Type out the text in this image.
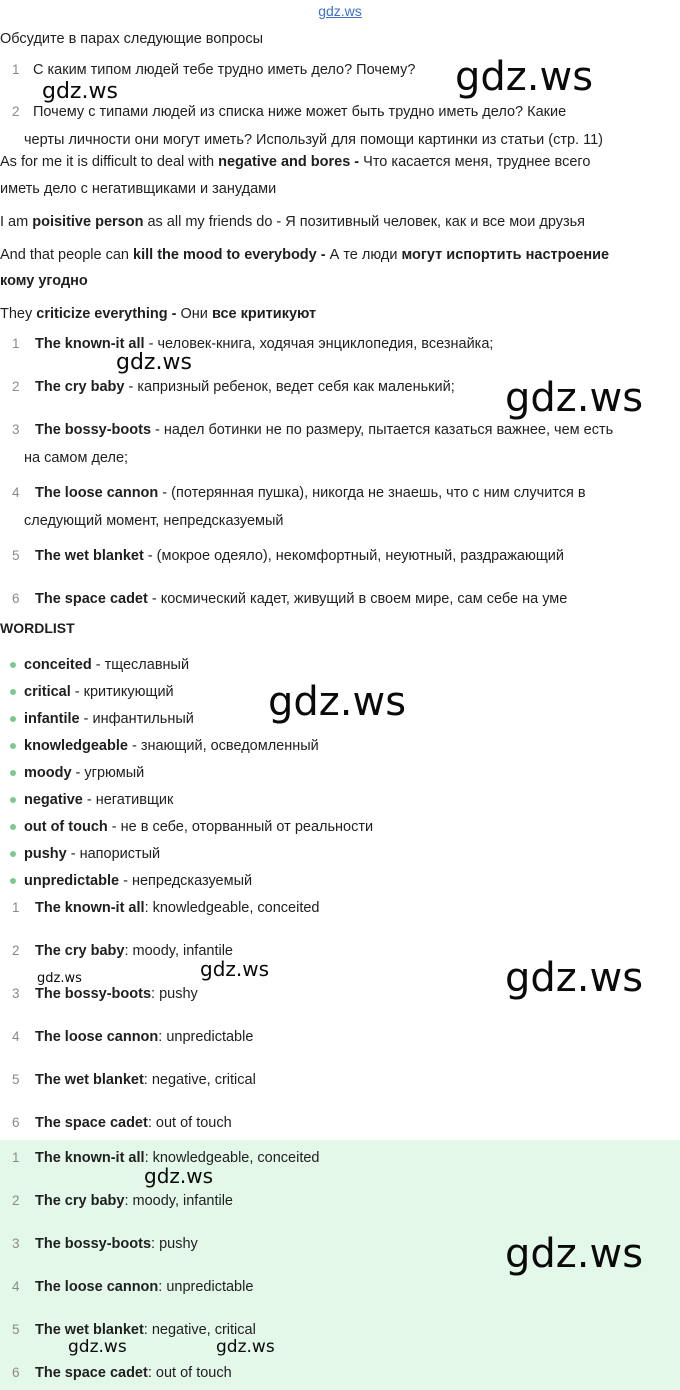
gdz.ws
Обсудите в парах следующие вопросы
1 С каким типом людей тебе трудно иметь дело? Почему?
2 Почему с типами людей из списка ниже может быть трудно иметь дело? Какие
черты личности они могут иметь? Используй для помощи картинки из статьи (стр. 11)
As for me it is difficult to deal with negative and bores - Что касается меня, труднее всего
иметь дело с негативщиками и занудами
I am poisitive person as all my friends do - Я позитивный человек, как и все мои друзья
And that people can kill the mood to everybody - А те люди могут испортить настроение
кому угодно
They criticize everything - Они все критикуют
1 The known-it all - человек-книга, ходячая энциклопедия, всезнайка;
2 The cry baby - капризный ребенок, ведет себя как маленький;
3 The bossy-boots - надел ботинки не по размеру, пытается казаться важнее, чем есть
на самом деле;
4 The loose cannon - (потерянная пушка), никогда не знаешь, что с ним случится в
следующий момент, непредсказуемый
5 The wet blanket - (мокрое одеяло), некомфортный, неуютный, раздражающий
6 The space cadet - космический кадет, живущий в своем мире, сам себе на уме
WORDLIST
conceited - тщеславный
critical - критикующий
infantile - инфантильный
knowledgeable - знающий, осведомленный
moody - угрюмый
negative - негативщик
out of touch - не в себе, оторванный от реальности
pushy - напористый
unpredictable - непредсказуемый
1 The known-it all: knowledgeable, conceited
2 The cry baby: moody, infantile
3 The bossy-boots: pushy
4 The loose cannon: unpredictable
5 The wet blanket: negative, critical
6 The space cadet: out of touch
1 The known-it all: knowledgeable, conceited
2 The cry baby: moody, infantile
3 The bossy-boots: pushy
4 The loose cannon: unpredictable
5 The wet blanket: negative, critical
6 The space cadet: out of touch
gdz.ws
gdz.ws
gdz.ws
gdz.ws
gdz.ws
gdz.ws
gdz.ws
gdz.ws
gdz.ws
gdz.ws
gdz.ws	gdz.ws
